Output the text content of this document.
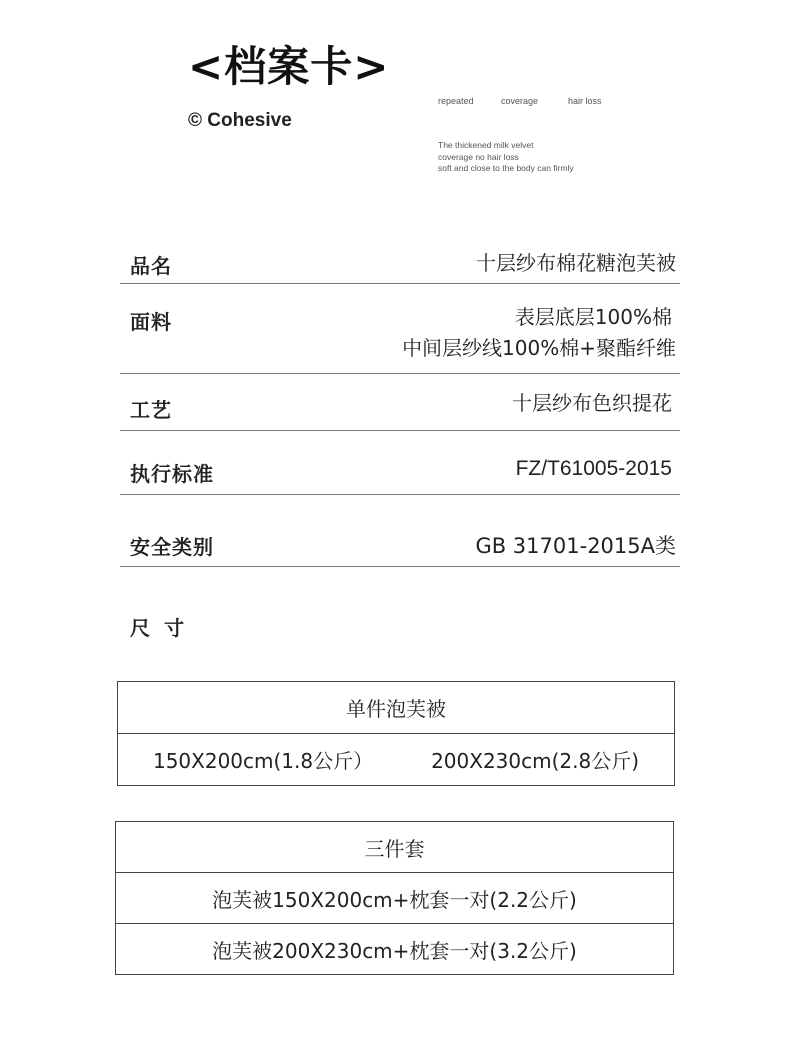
<档案卡>
© Cohesive
repeated	coverage	hair loss
The thickened milk velvet
coverage no hair loss
soft and close to the body can firmly
品名	十层纱布棉花糖泡芙被
面料	表层底层100%棉
中间层纱线100%棉+聚酯纤维
工艺	十层纱布色织提花
执行标准	FZ/T61005-2015
安全类别	GB 31701-2015A类
尺寸
单件泡芙被

150X200cm(1.8公斤）	200X230cm(2.8公斤)
三件套
泡芙被150X200cm+枕套一对(2.2公斤)
泡芙被200X230cm+枕套一对(3.2公斤)
